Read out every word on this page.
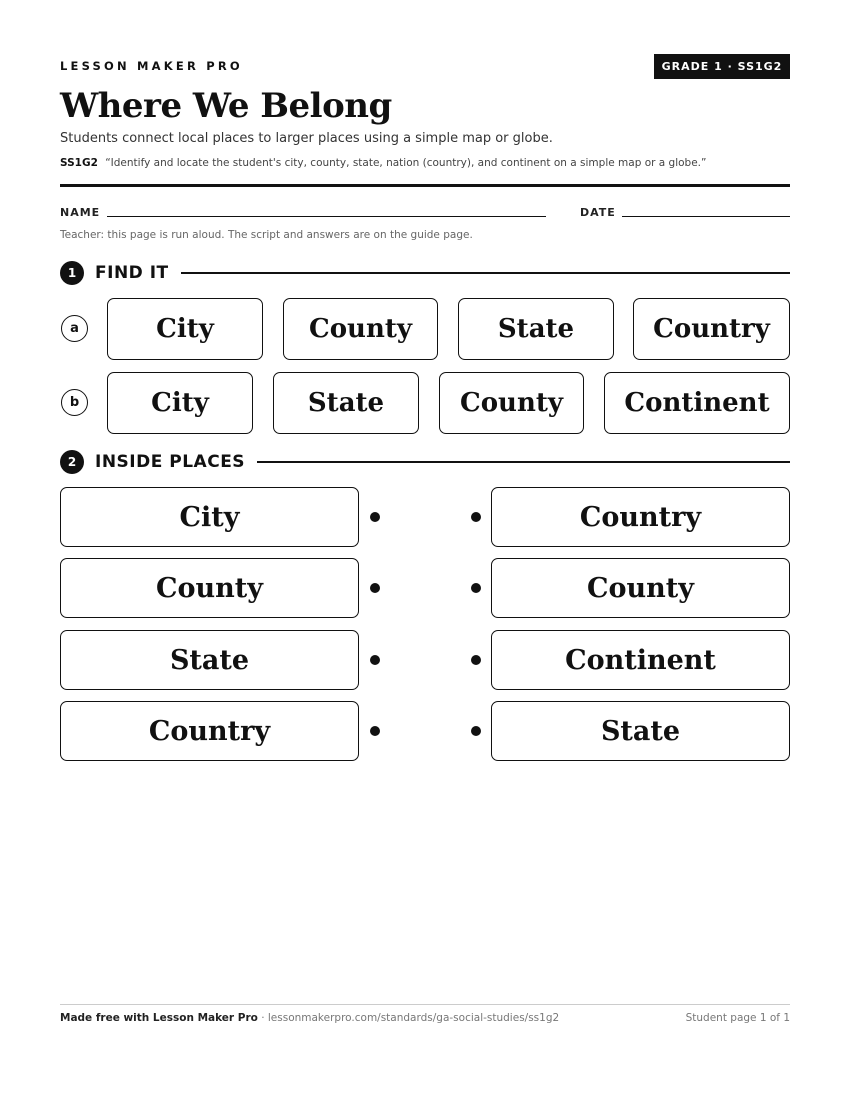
LESSON MAKER PRO	GRADE 1 · SS1G2
Where We Belong
Students connect local places to larger places using a simple map or globe.
SS1G2 “Identify and locate the student's city, county, state, nation (country), and continent on a simple map or a globe.”
NAME	DATE
Teacher: this page is run aloud. The script and answers are on the guide page.
1	FIND IT
a	City	County	State	Country
b	City	State	County	Continent
2	INSIDE PLACES
City	Country
County	County
State	Continent
Country	State
Made free with Lesson Maker Pro · lessonmakerpro.com/standards/ga-social-studies/ss1g2	Student page 1 of 1
